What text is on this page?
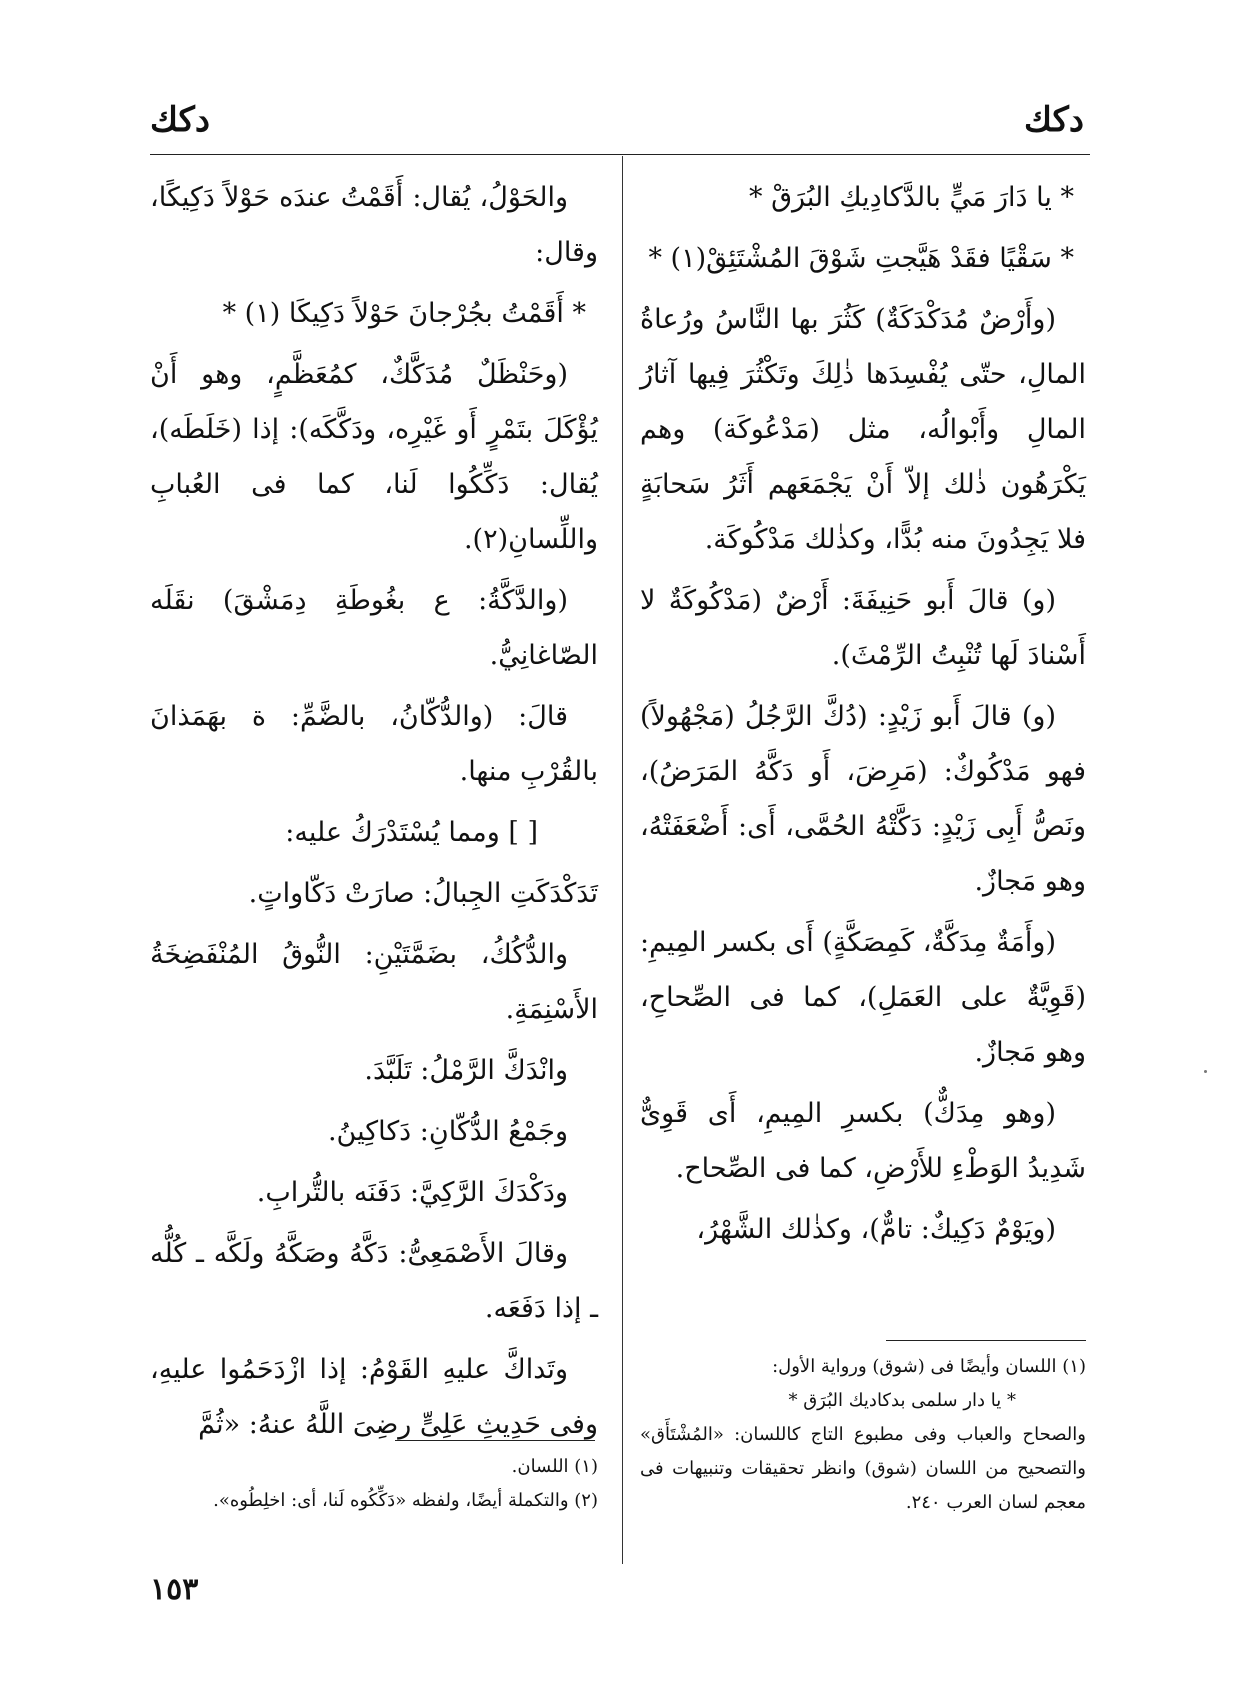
دكك
دكك

* يا دَارَ مَيٍّ بالدَّكادِيكِ البُرَقْ *

* سَقْيًا فقَدْ هَيَّجتِ شَوْقَ المُشْتَئِقْ(١) *

(وأَرْضٌ مُدَكْدَكَةٌ) كَثُرَ بها النَّاسُ ورُعاةُ المالِ، حتّى يُفْسِدَها ذٰلِكَ وتَكْثُرَ فِيها آثارُ المالِ وأَبْوالُه، مثل (مَدْعُوكَة) وهم يَكْرَهُون ذٰلك إلاّ أَنْ يَجْمَعَهم أَثَرُ سَحابَةٍ فلا يَجِدُونَ منه بُدًّا، وكذٰلك مَدْكُوكَة.

(و) قالَ أَبو حَنِيفَةَ: أَرْضٌ (مَدْكُوكَةٌ لا أَسْنادَ لَها تُنْبِتُ الرِّمْثَ).

(و) قالَ أَبو زَيْدٍ: (دُكَّ الرَّجُلُ (مَجْهُولاً) فهو مَدْكُوكٌ: (مَرِضَ، أَو دَكَّهُ المَرَضُ)، ونَصُّ أَبِى زَيْدٍ: دَكَّتْهُ الحُمَّى، أَى: أَضْعَفَتْهُ، وهو مَجازٌ.

(وأَمَةٌ مِدَكَّةٌ، كَمِصَكَّةٍ) أَى بكسر المِيمِ: (قَوِيَّةٌ على العَمَلِ)، كما فى الصِّحاحِ، وهو مَجازٌ.

(وهو مِدَكٌّ) بكسرِ المِيمِ، أَى قَوِىٌّ شَدِيدُ الوَطْءِ للأَرْضِ، كما فى الصِّحاح.

(ويَوْمٌ دَكِيكٌ: تامٌّ)، وكذٰلك الشَّهْرُ،

(١) اللسان وأيضًا فى (شوق) ورواية الأول:

* يا دار سلمى بدكاديك البُرَق *

والصحاح والعباب وفى مطبوع التاج كاللسان: «المُشْتَأَق» والتصحيح من اللسان (شوق) وانظر تحقيقات وتنبيهات فى معجم لسان العرب ٢٤٠.

والحَوْلُ، يُقال: أَقَمْتُ عندَه حَوْلاً دَكِيكًا، وقال:

* أَقَمْتُ بجُرْجانَ حَوْلاً دَكِيكَا (١) *

(وحَنْظَلٌ مُدَكَّكٌ، كمُعَظَّمٍ، وهو أَنْ يُؤْكَلَ بتَمْرٍ أَو غَيْرِه، ودَكَّكَه): إذا (خَلَطَه)، يُقال: دَكِّكُوا لَنا، كما فى العُبابِ واللِّسانِ(٢).

(والدَّكَّةُ: ع بغُوطَةِ دِمَشْقَ) نقَلَه الصّاغانِيُّ.

قالَ: (والدُّكّانُ، بالضَّمِّ: ة بهَمَذانَ بالقُرْبِ منها.

[ ] ومما يُسْتَدْرَكُ عليه:

تَدَكْدَكَتِ الجِبالُ: صارَتْ دَكّاواتٍ.

والدُّكُكُ، بضَمَّتَيْنِ: النُّوقُ المُنْفَضِخَةُ الأَسْنِمَةِ.

وانْدَكَّ الرَّمْلُ: تَلَبَّدَ.

وجَمْعُ الدُّكّانِ: دَكاكِينُ.

ودَكْدَكَ الرَّكِيَّ: دَفَنَه بالتُّرابِ.

وقالَ الأَصْمَعِىُّ: دَكَّهُ وصَكَّهُ ولَكَّه ـ كُلُّه ـ إذا دَفَعَه.

وتَداكَّ عليهِ القَوْمُ: إذا ازْدَحَمُوا عليهِ، وفى حَدِيثِ عَلِىٍّ رضِىَ اللَّهُ عنهُ: «ثُمَّ

(١) اللسان.

(٢) والتكملة أيضًا، ولفظه «دَكِّكُوه لَنا، أى: اخلِطُوه».

١٥٣
